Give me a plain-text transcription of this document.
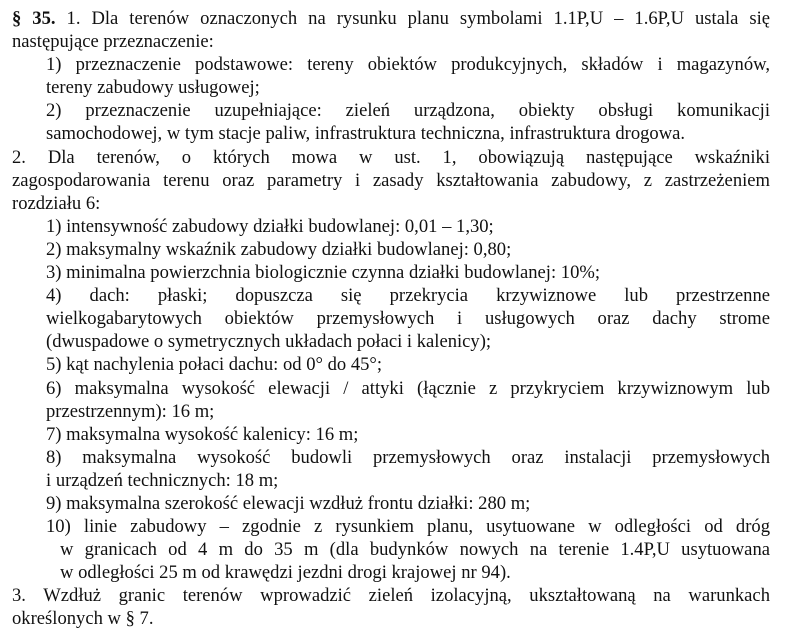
§ 35. 1. Dla terenów oznaczonych na rysunku planu symbolami 1.1P,U – 1.6P,U ustala się
następujące przeznaczenie:
1) przeznaczenie podstawowe: tereny obiektów produkcyjnych, składów i magazynów,
tereny zabudowy usługowej;
2) przeznaczenie uzupełniające: zieleń urządzona, obiekty obsługi komunikacji
samochodowej, w tym stacje paliw, infrastruktura techniczna, infrastruktura drogowa.
2. Dla terenów, o których mowa w ust. 1, obowiązują następujące wskaźniki
zagospodarowania terenu oraz parametry i zasady kształtowania zabudowy, z zastrzeżeniem
rozdziału 6:
1) intensywność zabudowy działki budowlanej: 0,01 – 1,30;
2) maksymalny wskaźnik zabudowy działki budowlanej: 0,80;
3) minimalna powierzchnia biologicznie czynna działki budowlanej: 10%;
4) dach: płaski; dopuszcza się przekrycia krzywiznowe lub przestrzenne
wielkogabarytowych obiektów przemysłowych i usługowych oraz dachy strome
(dwuspadowe o symetrycznych układach połaci i kalenicy);
5) kąt nachylenia połaci dachu: od 0° do 45°;
6) maksymalna wysokość elewacji / attyki (łącznie z przykryciem krzywiznowym lub
przestrzennym): 16 m;
7) maksymalna wysokość kalenicy: 16 m;
8) maksymalna wysokość budowli przemysłowych oraz instalacji przemysłowych
i urządzeń technicznych: 18 m;
9) maksymalna szerokość elewacji wzdłuż frontu działki: 280 m;
10) linie zabudowy – zgodnie z rysunkiem planu, usytuowane w odległości od dróg
w granicach od 4 m do 35 m (dla budynków nowych na terenie 1.4P,U usytuowana
w odległości 25 m od krawędzi jezdni drogi krajowej nr 94).
3. Wzdłuż granic terenów wprowadzić zieleń izolacyjną, ukształtowaną na warunkach
określonych w § 7.
